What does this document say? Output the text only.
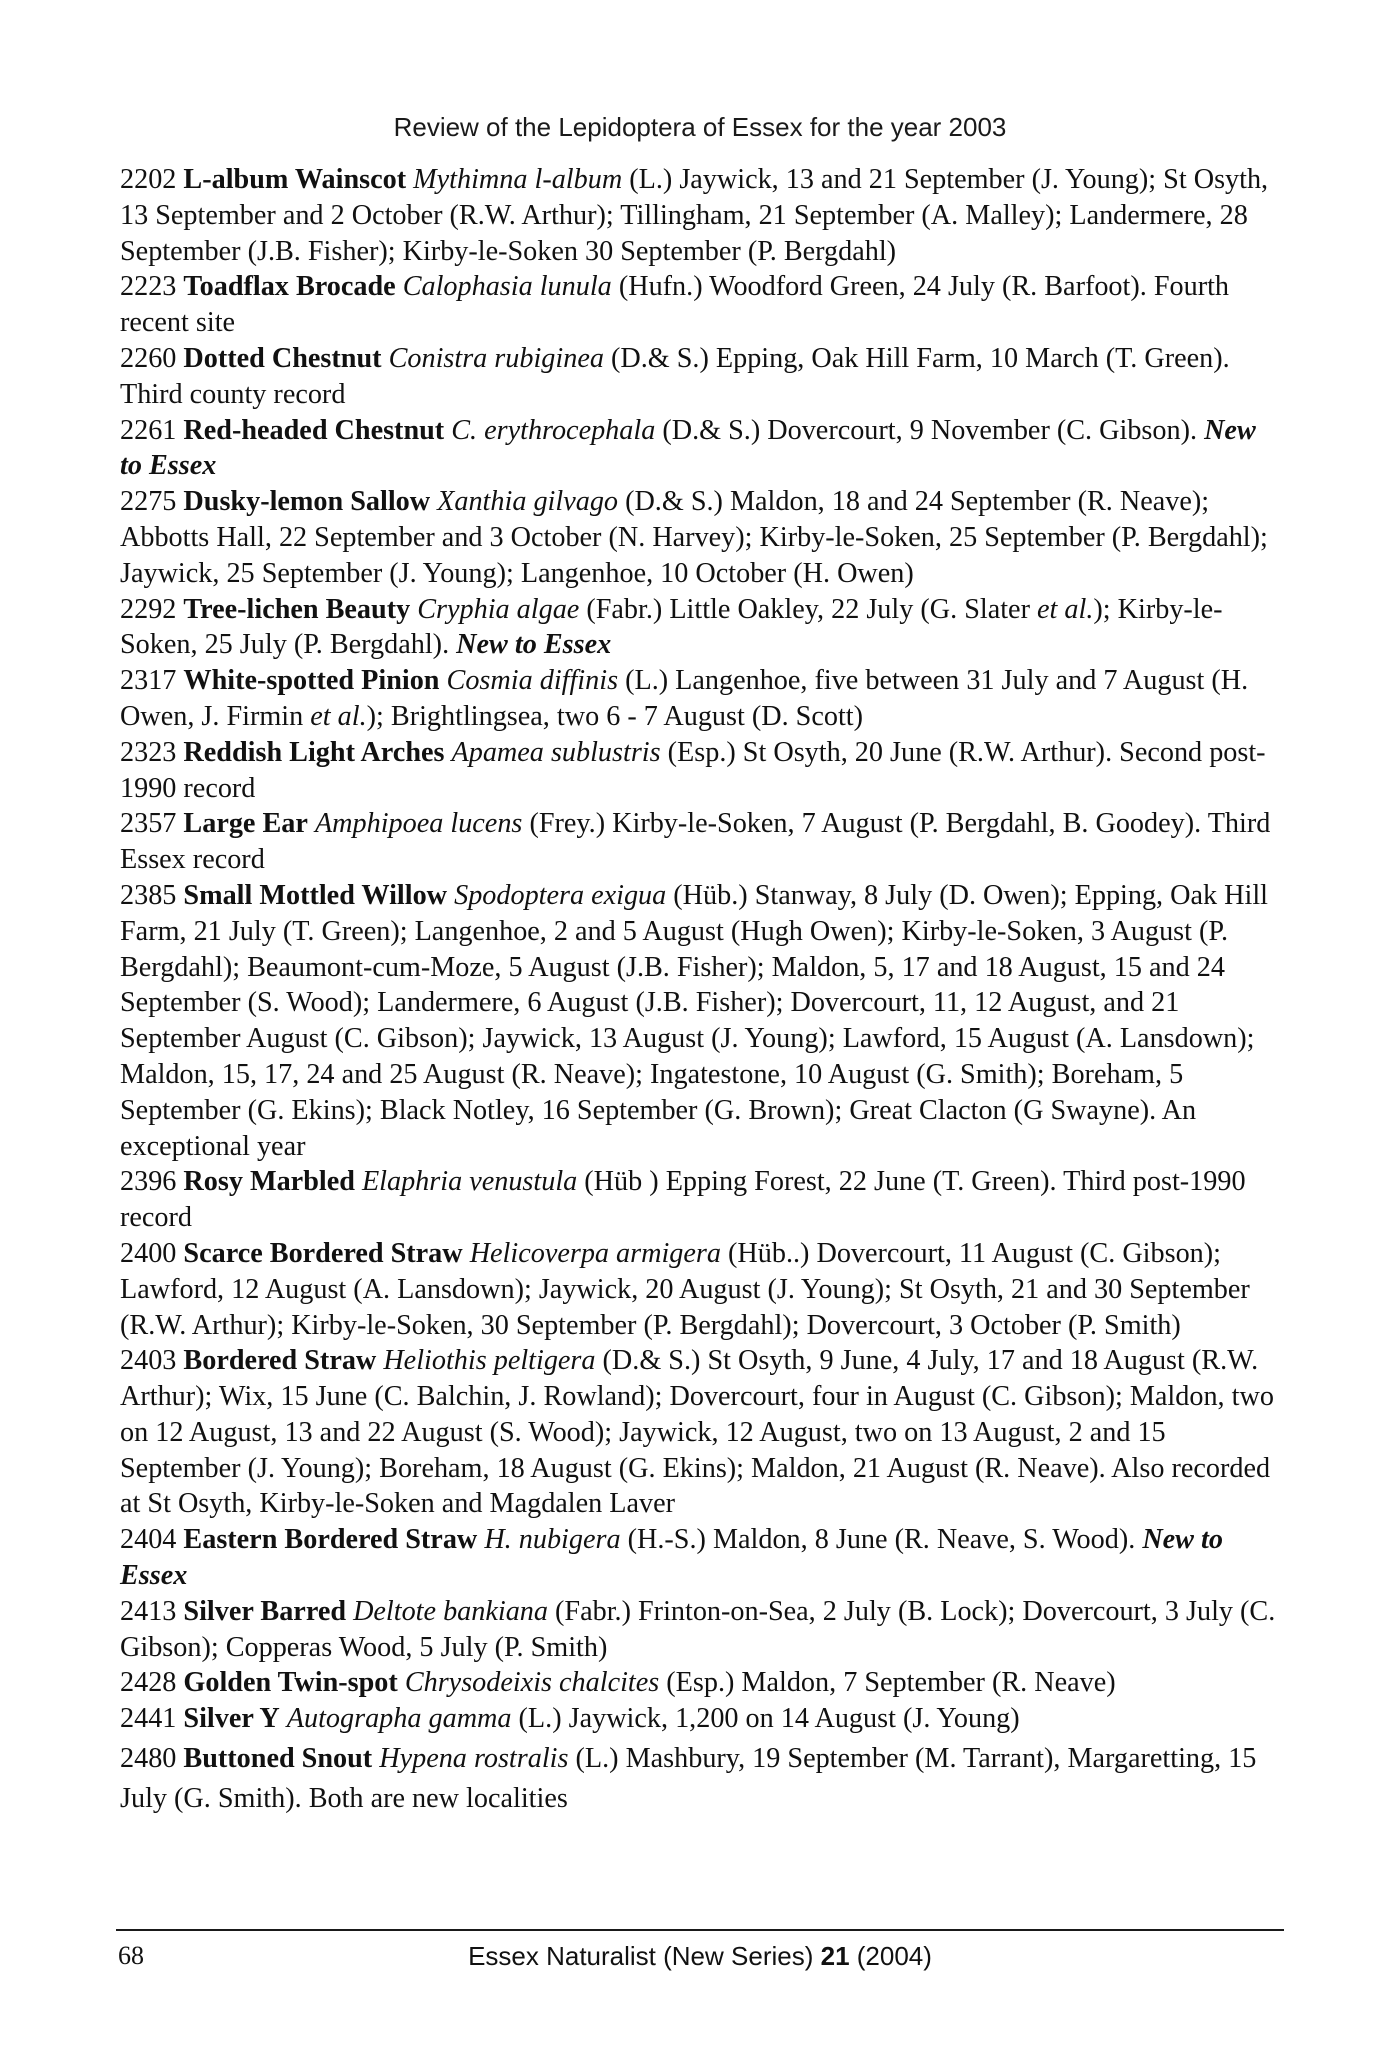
Review of the Lepidoptera of Essex for the year 2003

2202 L-album Wainscot Mythimna l-album (L.) Jaywick, 13 and 21 September (J. Young); St Osyth, 13 September and 2 October (R.W. Arthur); Tillingham, 21 September (A. Malley); Landermere, 28 September (J.B. Fisher); Kirby-le-Soken 30 September (P. Bergdahl)

2223 Toadflax Brocade Calophasia lunula (Hufn.) Woodford Green, 24 July (R. Barfoot). Fourth recent site

2260 Dotted Chestnut Conistra rubiginea (D.& S.) Epping, Oak Hill Farm, 10 March (T. Green). Third county record

2261 Red-headed Chestnut C. erythrocephala (D.& S.) Dovercourt, 9 November (C. Gibson). New to Essex

2275 Dusky-lemon Sallow Xanthia gilvago (D.& S.) Maldon, 18 and 24 September (R. Neave); Abbotts Hall, 22 September and 3 October (N. Harvey); Kirby-le-Soken, 25 September (P. Bergdahl); Jaywick, 25 September (J. Young); Langenhoe, 10 October (H. Owen)

2292 Tree-lichen Beauty Cryphia algae (Fabr.) Little Oakley, 22 July (G. Slater et al.); Kirby-le-Soken, 25 July (P. Bergdahl). New to Essex

2317 White-spotted Pinion Cosmia diffinis (L.) Langenhoe, five between 31 July and 7 August (H. Owen, J. Firmin et al.); Brightlingsea, two 6 - 7 August (D. Scott)

2323 Reddish Light Arches Apamea sublustris (Esp.) St Osyth, 20 June (R.W. Arthur). Second post-1990 record

2357 Large Ear Amphipoea lucens (Frey.) Kirby-le-Soken, 7 August (P. Bergdahl, B. Goodey). Third Essex record

2385 Small Mottled Willow Spodoptera exigua (Hüb.) Stanway, 8 July (D. Owen); Epping, Oak Hill Farm, 21 July (T. Green); Langenhoe, 2 and 5 August (Hugh Owen); Kirby-le-Soken, 3 August (P. Bergdahl); Beaumont-cum-Moze, 5 August (J.B. Fisher); Maldon, 5, 17 and 18 August, 15 and 24 September (S. Wood); Landermere, 6 August (J.B. Fisher); Dovercourt, 11, 12 August, and 21 September August (C. Gibson); Jaywick, 13 August (J. Young); Lawford, 15 August (A. Lansdown); Maldon, 15, 17, 24 and 25 August (R. Neave); Ingatestone, 10 August (G. Smith); Boreham, 5 September (G. Ekins); Black Notley, 16 September (G. Brown); Great Clacton (G Swayne). An exceptional year

2396 Rosy Marbled Elaphria venustula (Hüb ) Epping Forest, 22 June (T. Green). Third post-1990 record

2400 Scarce Bordered Straw Helicoverpa armigera (Hüb..) Dovercourt, 11 August (C. Gibson); Lawford, 12 August (A. Lansdown); Jaywick, 20 August (J. Young); St Osyth, 21 and 30 September (R.W. Arthur); Kirby-le-Soken, 30 September (P. Bergdahl); Dovercourt, 3 October (P. Smith)

2403 Bordered Straw Heliothis peltigera (D.& S.) St Osyth, 9 June, 4 July, 17 and 18 August (R.W. Arthur); Wix, 15 June (C. Balchin, J. Rowland); Dovercourt, four in August (C. Gibson); Maldon, two on 12 August, 13 and 22 August (S. Wood); Jaywick, 12 August, two on 13 August, 2 and 15 September (J. Young); Boreham, 18 August (G. Ekins); Maldon, 21 August (R. Neave). Also recorded at St Osyth, Kirby-le-Soken and Magdalen Laver

2404 Eastern Bordered Straw H. nubigera (H.-S.) Maldon, 8 June (R. Neave, S. Wood). New to Essex

2413 Silver Barred Deltote bankiana (Fabr.) Frinton-on-Sea, 2 July (B. Lock); Dovercourt, 3 July (C. Gibson); Copperas Wood, 5 July (P. Smith)

2428 Golden Twin-spot Chrysodeixis chalcites (Esp.) Maldon, 7 September (R. Neave)

2441 Silver Y Autographa gamma (L.) Jaywick, 1,200 on 14 August (J. Young)

2480 Buttoned Snout Hypena rostralis (L.) Mashbury, 19 September (M. Tarrant), Margaretting, 15 July (G. Smith). Both are new localities

68	Essex Naturalist (New Series) 21 (2004)
